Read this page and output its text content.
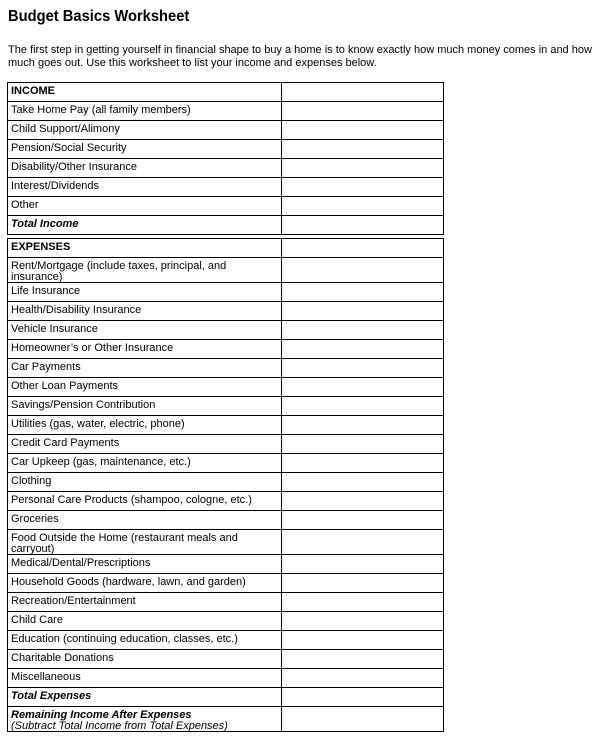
Budget Basics Worksheet
The first step in getting yourself in financial shape to buy a home is to know exactly how much money comes in and how much goes out. Use this worksheet to list your income and expenses below.
INCOME	
Take Home Pay (all family members)	
Child Support/Alimony	
Pension/Social Security	
Disability/Other Insurance	
Interest/Dividends	
Other	
Total Income	
EXPENSES	
Rent/Mortgage (include taxes, principal, and insurance)	
Life Insurance	
Health/Disability Insurance	
Vehicle Insurance	
Homeowner’s or Other Insurance	
Car Payments	
Other Loan Payments	
Savings/Pension Contribution	
Utilities (gas, water, electric, phone)	
Credit Card Payments	
Car Upkeep (gas, maintenance, etc.)	
Clothing	
Personal Care Products (shampoo, cologne, etc.)	
Groceries	
Food Outside the Home (restaurant meals and carryout)	
Medical/Dental/Prescriptions	
Household Goods (hardware, lawn, and garden)	
Recreation/Entertainment	
Child Care	
Education (continuing education, classes, etc.)	
Charitable Donations	
Miscellaneous	
Total Expenses	

Remaining Income After Expenses
(Subtract Total Income from Total Expenses)	
